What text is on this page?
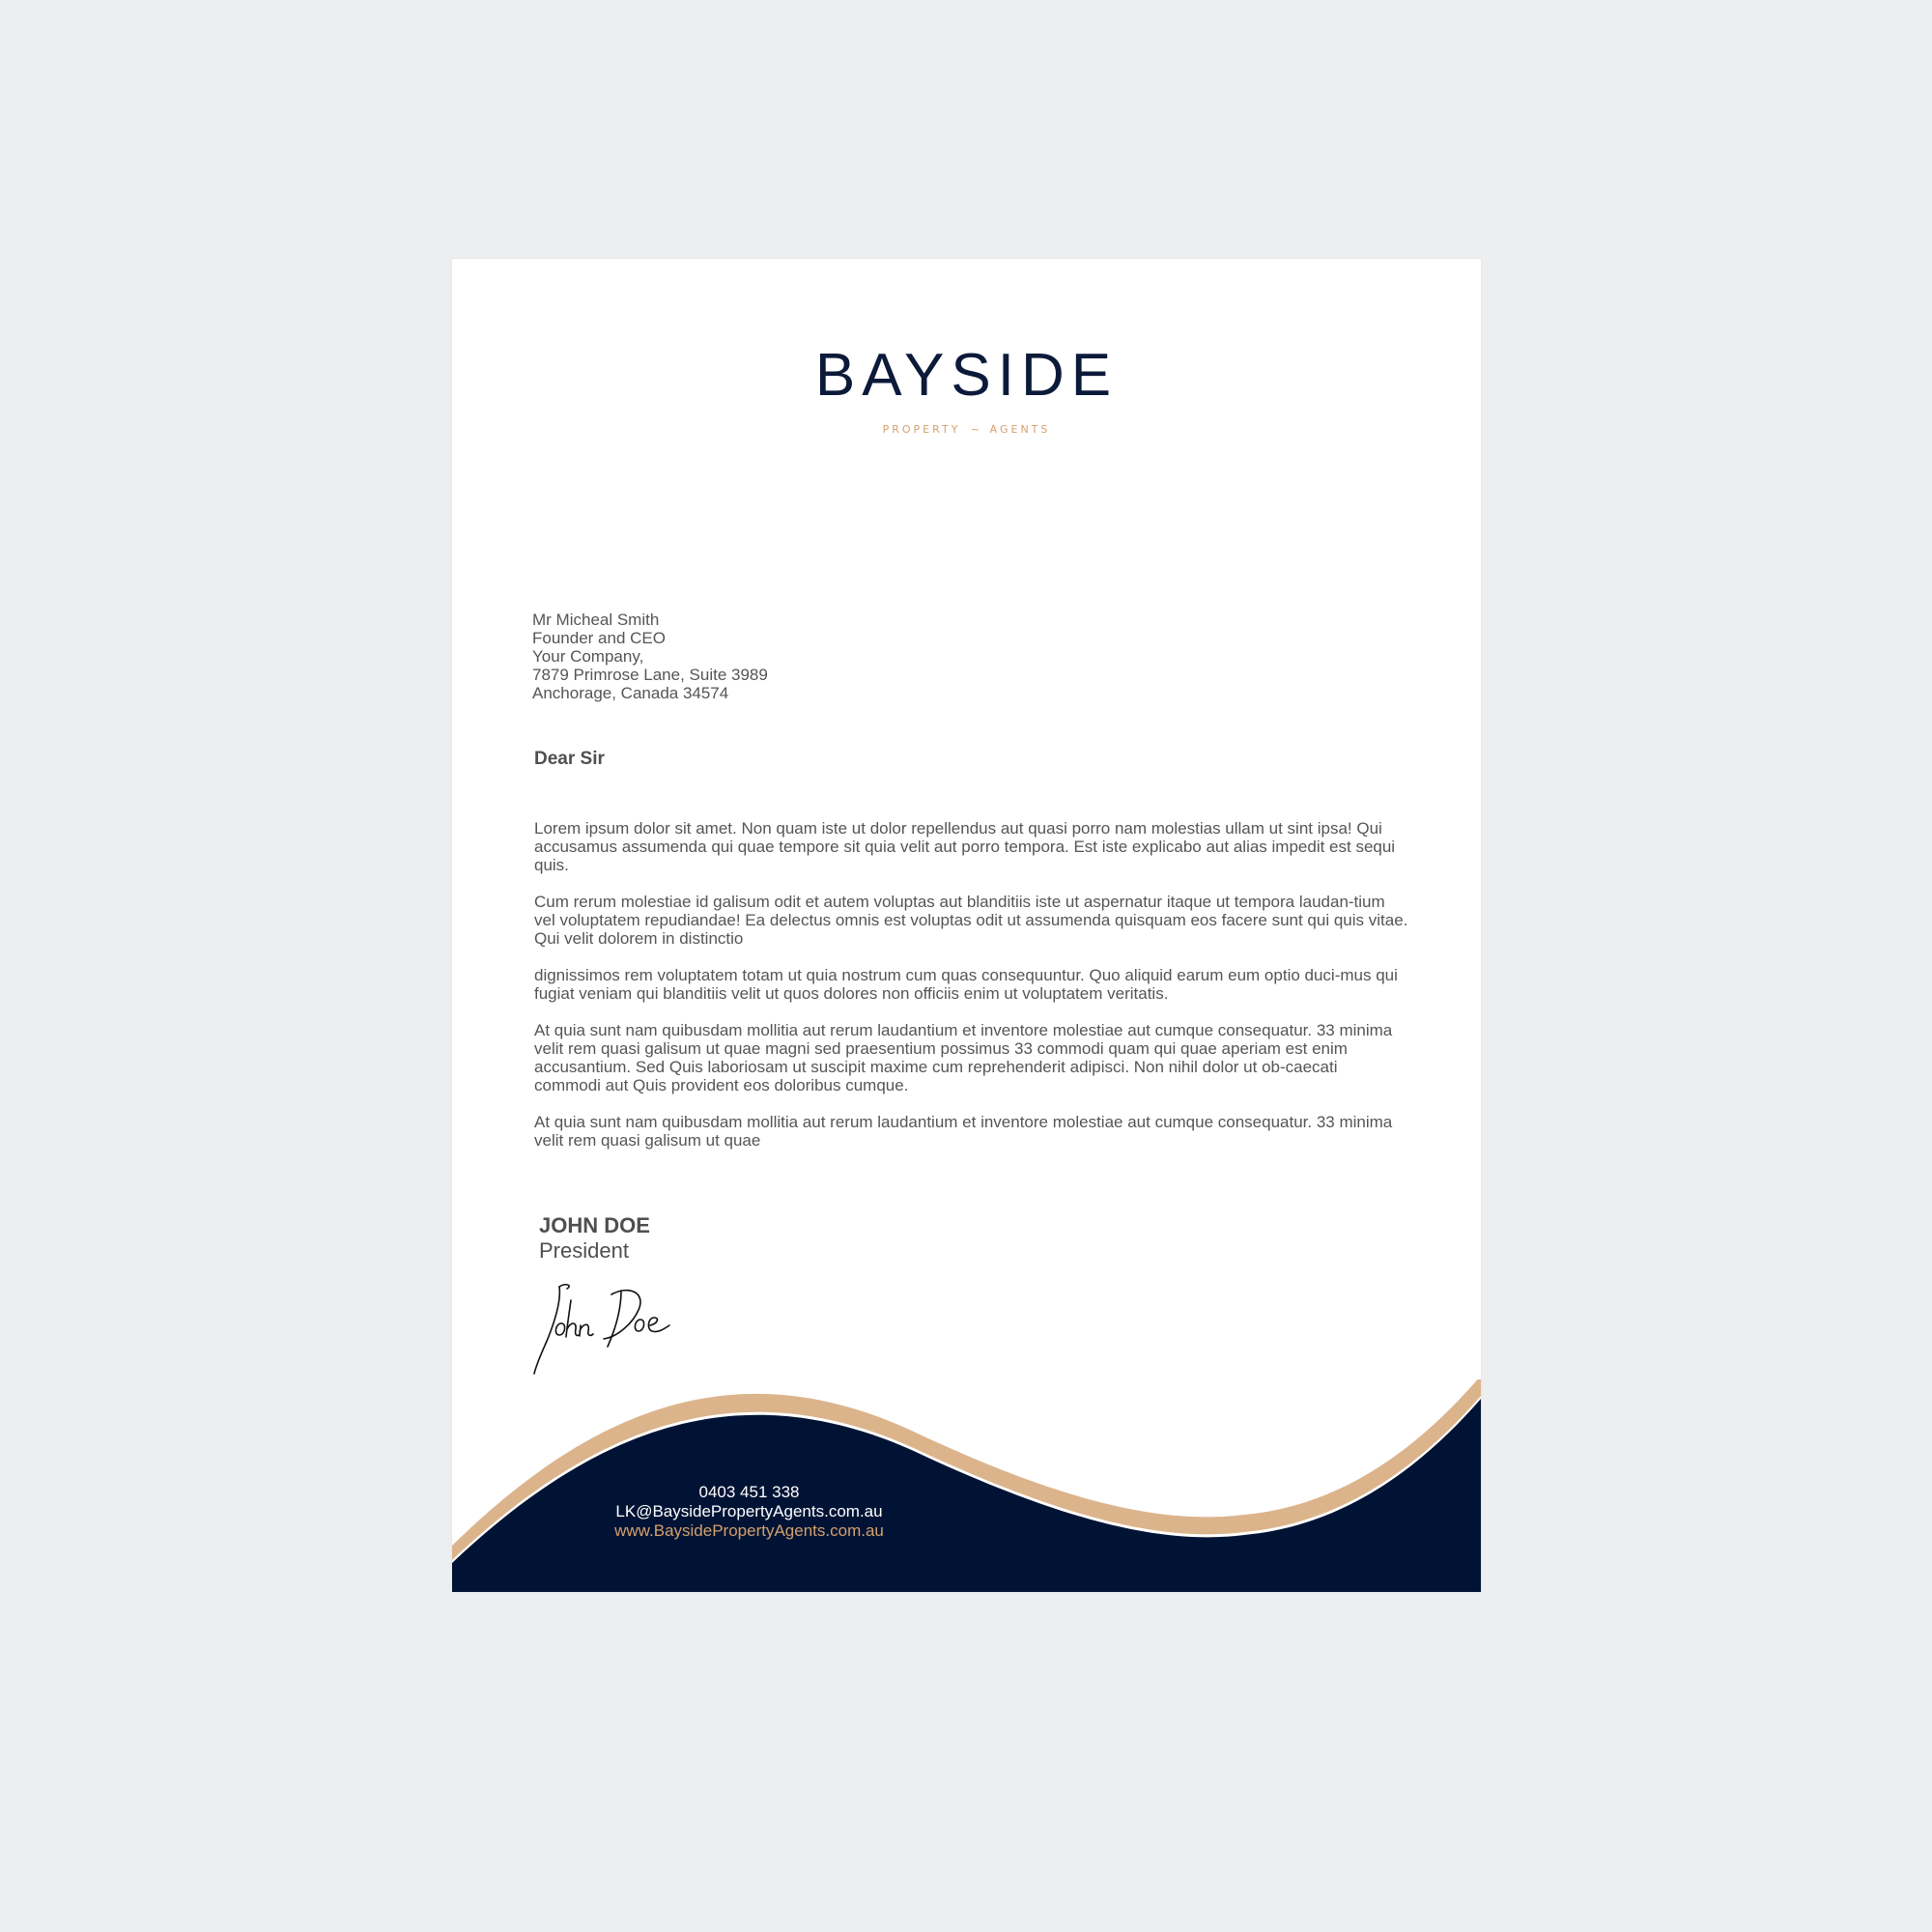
BAYSIDE
PROPERTY ~ AGENTS
Mr Micheal Smith
Founder and CEO
Your Company,
7879 Primrose Lane, Suite 3989
Anchorage, Canada 34574
Dear Sir

Lorem ipsum dolor sit amet. Non quam iste ut dolor repellendus aut quasi porro nam molestias ullam ut sint ipsa! Qui accusamus assumenda qui quae tempore sit quia velit aut porro tempora. Est iste explicabo aut alias impedit est sequi quis.

Cum rerum molestiae id galisum odit et autem voluptas aut blanditiis iste ut aspernatur itaque ut tempora laudan-tium vel voluptatem repudiandae! Ea delectus omnis est voluptas odit ut assumenda quisquam eos facere sunt qui quis vitae. Qui velit dolorem in distinctio

dignissimos rem voluptatem totam ut quia nostrum cum quas consequuntur. Quo aliquid earum eum optio duci-mus qui fugiat veniam qui blanditiis velit ut quos dolores non officiis enim ut voluptatem veritatis.

At quia sunt nam quibusdam mollitia aut rerum laudantium et inventore molestiae aut cumque consequatur. 33 minima velit rem quasi galisum ut quae magni sed praesentium possimus 33 commodi quam qui quae aperiam est enim accusantium. Sed Quis laboriosam ut suscipit maxime cum reprehenderit adipisci. Non nihil dolor ut ob-caecati commodi aut Quis provident eos doloribus cumque.

At quia sunt nam quibusdam mollitia aut rerum laudantium et inventore molestiae aut cumque consequatur. 33 minima velit rem quasi galisum ut quae

JOHN DOE
President
0403 451 338
LK@BaysidePropertyAgents.com.au
www.BaysidePropertyAgents.com.au
